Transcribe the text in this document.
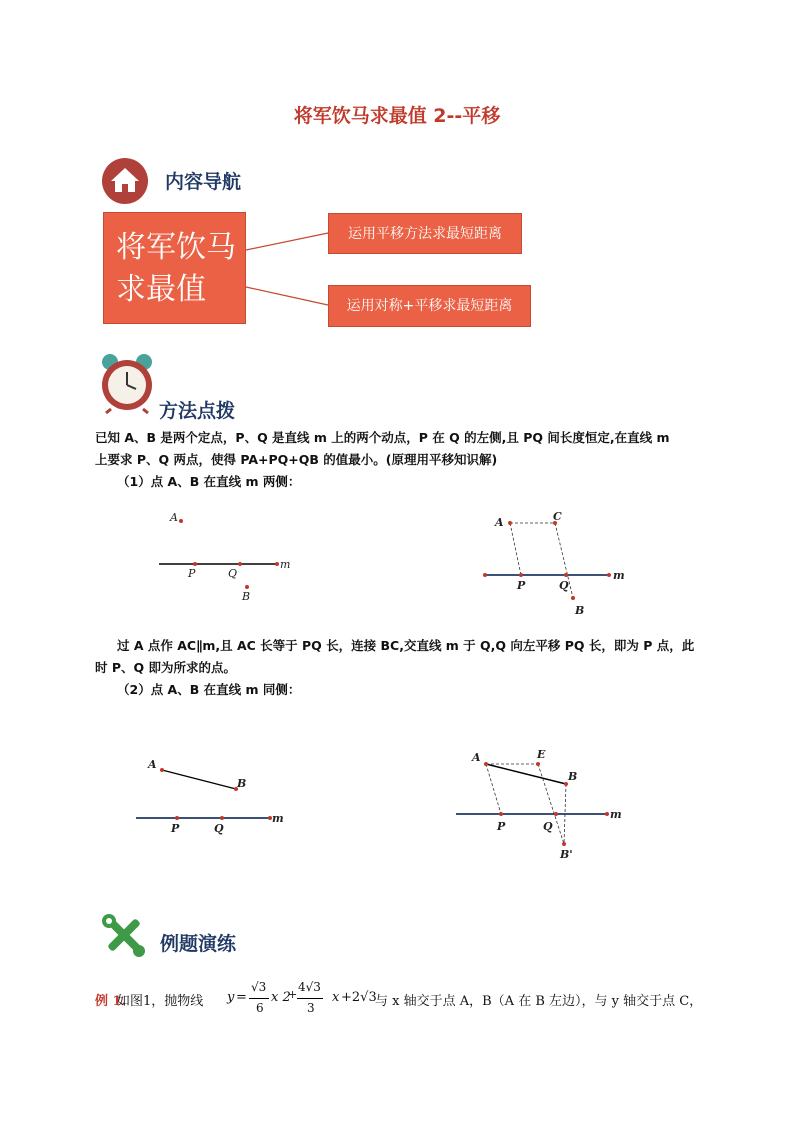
将军饮马求最值 2--平移
内容导航
将军饮马
求最值
运用平移方法求最短距离
运用对称+平移求最短距离
方法点拨
已知 A、B 是两个定点，P、Q 是直线 m 上的两个动点，P 在 Q 的左侧,且 PQ 间长度恒定,在直线 m
上要求 P、Q 两点，使得 PA+PQ+QB 的值最小。(原理用平移知识解)
（1）点 A、B 在直线 m 两侧：
A
P	Q
B
m
A	C
P	Q
B
m
过 A 点作 AC∥m,且 AC 长等于 PQ 长，连接 BC,交直线 m 于 Q,Q 向左平移 PQ 长，即为 P 点，此
时 P、Q 即为所求的点。
（2）点 A、B 在直线 m 同侧：
A
B
P	Q
m
A	E
B
P	Q
B'
m
例题演练
例 1.
如图1，抛物线 y =
√3
6
x 2
+
4√3
3
x +2√3
与 x 轴交于点 A，B（A 在 B 左边），与 y 轴交于点 C，
